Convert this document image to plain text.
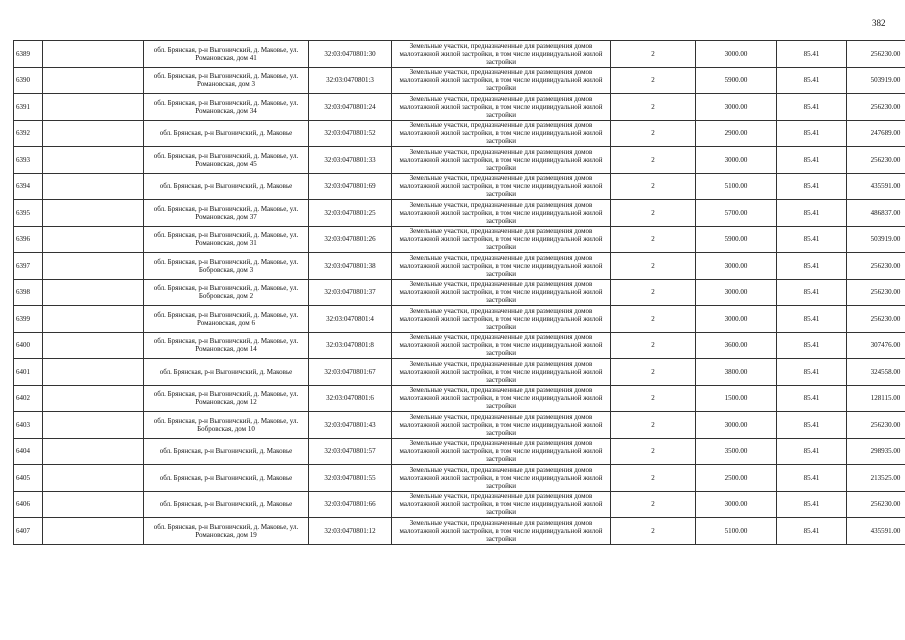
382
6389		обл. Брянская, р-н Выгоничский, д. Маковье, ул. Романовская, дом 41	32:03:0470801:30	Земельные участки, предназначенные для размещения домов малоэтажной жилой застройки, в том числе индивидуальной жилой застройки	2	3000.00	85.41	256230.00
6390		обл. Брянская, р-н Выгоничский, д. Маковье, ул. Романовская, дом 3	32:03:0470801:3	Земельные участки, предназначенные для размещения домов малоэтажной жилой застройки, в том числе индивидуальной жилой застройки	2	5900.00	85.41	503919.00
6391		обл. Брянская, р-н Выгоничский, д. Маковье, ул. Романовская, дом 34	32:03:0470801:24	Земельные участки, предназначенные для размещения домов малоэтажной жилой застройки, в том числе индивидуальной жилой застройки	2	3000.00	85.41	256230.00
6392		обл. Брянская, р-н Выгоничский, д. Маковье	32:03:0470801:52	Земельные участки, предназначенные для размещения домов малоэтажной жилой застройки, в том числе индивидуальной жилой застройки	2	2900.00	85.41	247689.00
6393		обл. Брянская, р-н Выгоничский, д. Маковье, ул. Романовская, дом 45	32:03:0470801:33	Земельные участки, предназначенные для размещения домов малоэтажной жилой застройки, в том числе индивидуальной жилой застройки	2	3000.00	85.41	256230.00
6394		обл. Брянская, р-н Выгоничский, д. Маковье	32:03:0470801:69	Земельные участки, предназначенные для размещения домов малоэтажной жилой застройки, в том числе индивидуальной жилой застройки	2	5100.00	85.41	435591.00
6395		обл. Брянская, р-н Выгоничский, д. Маковье, ул. Романовская, дом 37	32:03:0470801:25	Земельные участки, предназначенные для размещения домов малоэтажной жилой застройки, в том числе индивидуальной жилой застройки	2	5700.00	85.41	486837.00
6396		обл. Брянская, р-н Выгоничский, д. Маковье, ул. Романовская, дом 31	32:03:0470801:26	Земельные участки, предназначенные для размещения домов малоэтажной жилой застройки, в том числе индивидуальной жилой застройки	2	5900.00	85.41	503919.00
6397		обл. Брянская, р-н Выгоничский, д. Маковье, ул. Бобровская, дом 3	32:03:0470801:38	Земельные участки, предназначенные для размещения домов малоэтажной жилой застройки, в том числе индивидуальной жилой застройки	2	3000.00	85.41	256230.00
6398		обл. Брянская, р-н Выгоничский, д. Маковье, ул. Бобровская, дом 2	32:03:0470801:37	Земельные участки, предназначенные для размещения домов малоэтажной жилой застройки, в том числе индивидуальной жилой застройки	2	3000.00	85.41	256230.00
6399		обл. Брянская, р-н Выгоничский, д. Маковье, ул. Романовская, дом 6	32:03:0470801:4	Земельные участки, предназначенные для размещения домов малоэтажной жилой застройки, в том числе индивидуальной жилой застройки	2	3000.00	85.41	256230.00
6400		обл. Брянская, р-н Выгоничский, д. Маковье, ул. Романовская, дом 14	32:03:0470801:8	Земельные участки, предназначенные для размещения домов малоэтажной жилой застройки, в том числе индивидуальной жилой застройки	2	3600.00	85.41	307476.00
6401		обл. Брянская, р-н Выгоничский, д. Маковье	32:03:0470801:67	Земельные участки, предназначенные для размещения домов малоэтажной жилой застройки, в том числе индивидуальной жилой застройки	2	3800.00	85.41	324558.00
6402		обл. Брянская, р-н Выгоничский, д. Маковье, ул. Романовская, дом 12	32:03:0470801:6	Земельные участки, предназначенные для размещения домов малоэтажной жилой застройки, в том числе индивидуальной жилой застройки	2	1500.00	85.41	128115.00
6403		обл. Брянская, р-н Выгоничский, д. Маковье, ул. Бобровская, дом 10	32:03:0470801:43	Земельные участки, предназначенные для размещения домов малоэтажной жилой застройки, в том числе индивидуальной жилой застройки	2	3000.00	85.41	256230.00
6404		обл. Брянская, р-н Выгоничский, д. Маковье	32:03:0470801:57	Земельные участки, предназначенные для размещения домов малоэтажной жилой застройки, в том числе индивидуальной жилой застройки	2	3500.00	85.41	298935.00
6405		обл. Брянская, р-н Выгоничский, д. Маковье	32:03:0470801:55	Земельные участки, предназначенные для размещения домов малоэтажной жилой застройки, в том числе индивидуальной жилой застройки	2	2500.00	85.41	213525.00
6406		обл. Брянская, р-н Выгоничский, д. Маковье	32:03:0470801:66	Земельные участки, предназначенные для размещения домов малоэтажной жилой застройки, в том числе индивидуальной жилой застройки	2	3000.00	85.41	256230.00
6407		обл. Брянская, р-н Выгоничский, д. Маковье, ул. Романовская, дом 19	32:03:0470801:12	Земельные участки, предназначенные для размещения домов малоэтажной жилой застройки, в том числе индивидуальной жилой застройки	2	5100.00	85.41	435591.00
